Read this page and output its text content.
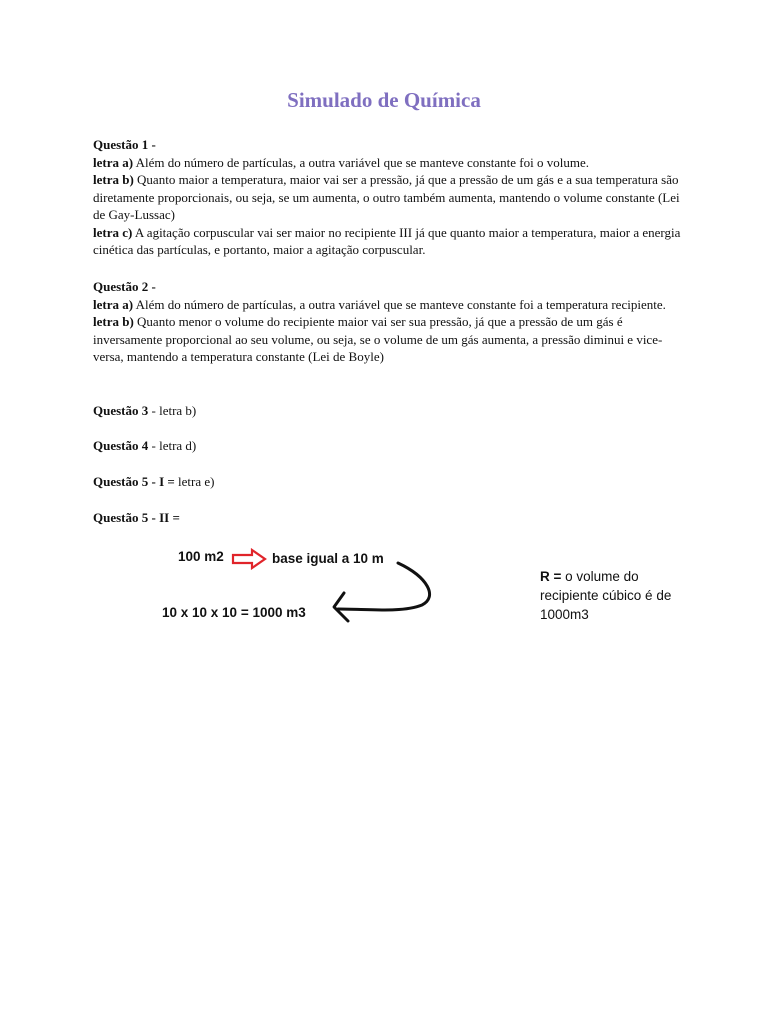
Simulado de Química

Questão 1 -

letra a) Além do número de partículas, a outra variável que se manteve constante foi o volume.

letra b) Quanto maior a temperatura, maior vai ser a pressão, já que a pressão de um gás e a sua temperatura são diretamente proporcionais, ou seja, se um aumenta, o outro também aumenta, mantendo o volume constante (Lei de Gay-Lussac)

letra c) A agitação corpuscular vai ser maior no recipiente III já que quanto maior a temperatura, maior a energia cinética das partículas, e portanto, maior a agitação corpuscular.

Questão 2 -

letra a) Além do número de partículas, a outra variável que se manteve constante foi a temperatura recipiente.

letra b) Quanto menor o volume do recipiente maior vai ser sua pressão, já que a pressão de um gás é inversamente proporcional ao seu volume, ou seja, se o volume de um gás aumenta, a pressão diminui e vice-versa, mantendo a temperatura constante (Lei de Boyle)

Questão 3 - letra b)

Questão 4 - letra d)

Questão 5 - I = letra e)

Questão 5 - II =

100 m2	base igual a 10 m
10 x 10 x 10 = 1000 m3
R = o volume do recipiente cúbico é de 1000m3
